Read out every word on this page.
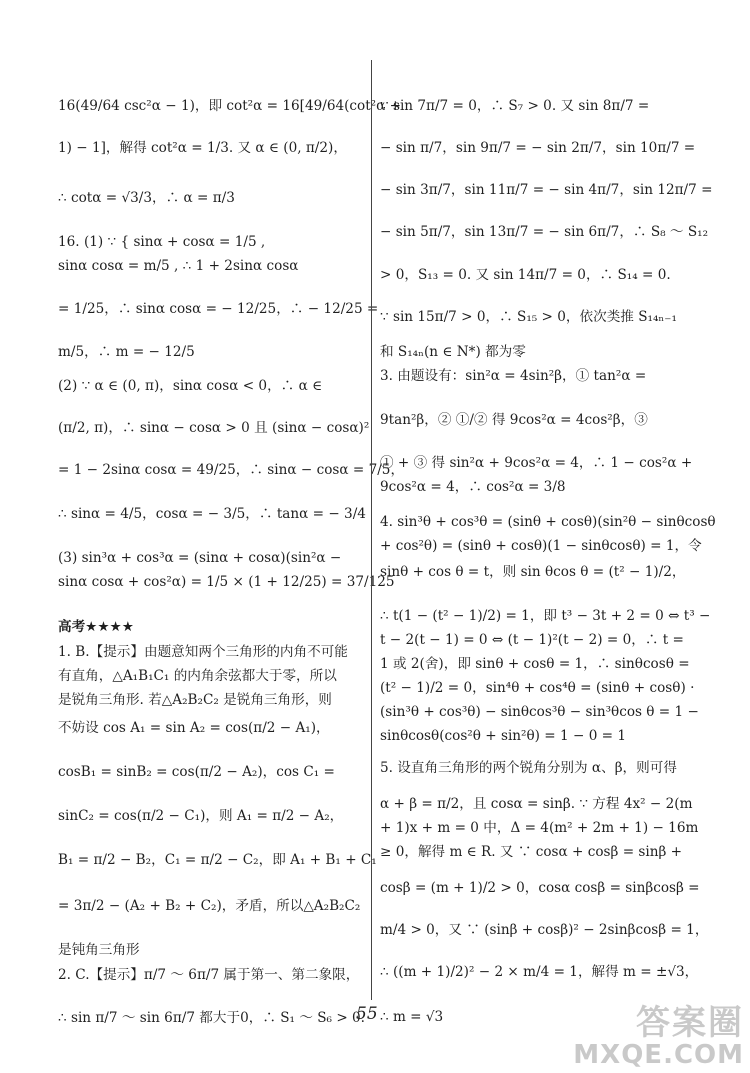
16(49/64 csc²α − 1)，即 cot²α = 16[49/64(cot²α +
1) − 1]，解得 cot²α = 1/3. 又 α ∈ (0, π/2)，
∴ cotα = √3/3，∴ α = π/3
16. (1) ∵ { sinα + cosα = 1/5 ,
sinα cosα = m/5 , ∴ 1 + 2sinα cosα
= 1/25，∴ sinα cosα = − 12/25，∴ − 12/25 =
m/5，∴ m = − 12/5
(2) ∵ α ∈ (0, π)，sinα cosα < 0，∴ α ∈
(π/2, π)，∴ sinα − cosα > 0 且 (sinα − cosα)²
= 1 − 2sinα cosα = 49/25，∴ sinα − cosα = 7/5，
∴ sinα = 4/5，cosα = − 3/5，∴ tanα = − 3/4
(3) sin³α + cos³α = (sinα + cosα)(sin²α −
sinα cosα + cos²α) = 1/5 × (1 + 12/25) = 37/125
高考★★★★
1. B.【提示】由题意知两个三角形的内角不可能
有直角，△A₁B₁C₁ 的内角余弦都大于零，所以
是锐角三角形. 若△A₂B₂C₂ 是锐角三角形，则
不妨设 cos A₁ = sin A₂ = cos(π/2 − A₁)，
cosB₁ = sinB₂ = cos(π/2 − A₂)，cos C₁ =
sinC₂ = cos(π/2 − C₁)，则 A₁ = π/2 − A₂，
B₁ = π/2 − B₂，C₁ = π/2 − C₂，即 A₁ + B₁ + C₁
= 3π/2 − (A₂ + B₂ + C₂)，矛盾，所以△A₂B₂C₂
是钝角三角形
2. C.【提示】π/7 ～ 6π/7 属于第一、第二象限，
∴ sin π/7 ～ sin 6π/7 都大于0，∴ S₁ ～ S₆ > 0.
∵ sin 7π/7 = 0，∴ S₇ > 0. 又 sin 8π/7 =
− sin π/7，sin 9π/7 = − sin 2π/7，sin 10π/7 =
− sin 3π/7，sin 11π/7 = − sin 4π/7，sin 12π/7 =
− sin 5π/7，sin 13π/7 = − sin 6π/7，∴ S₈ ～ S₁₂
> 0，S₁₃ = 0. 又 sin 14π/7 = 0，∴ S₁₄ = 0.
∵ sin 15π/7 > 0，∴ S₁₅ > 0，依次类推 S₁₄ₙ₋₁
和 S₁₄ₙ(n ∈ N*) 都为零
3. 由题设有：sin²α = 4sin²β，① tan²α =
9tan²β，② ①/② 得 9cos²α = 4cos²β，③
① + ③ 得 sin²α + 9cos²α = 4，∴ 1 − cos²α +
9cos²α = 4，∴ cos²α = 3/8
4. sin³θ + cos³θ = (sinθ + cosθ)(sin²θ − sinθcosθ
+ cos²θ) = (sinθ + cosθ)(1 − sinθcosθ) = 1，令
sinθ + cos θ = t，则 sin θcos θ = (t² − 1)/2，
∴ t(1 − (t² − 1)/2) = 1，即 t³ − 3t + 2 = 0 ⇔ t³ −
t − 2(t − 1) = 0 ⇔ (t − 1)²(t − 2) = 0，∴ t =
1 或 2(舍)，即 sinθ + cosθ = 1，∴ sinθcosθ =
(t² − 1)/2 = 0，sin⁴θ + cos⁴θ = (sinθ + cosθ) ·
(sin³θ + cos³θ) − sinθcos³θ − sin³θcos θ = 1 −
sinθcosθ(cos²θ + sin²θ) = 1 − 0 = 1
5. 设直角三角形的两个锐角分别为 α、β，则可得
α + β = π/2，且 cosα = sinβ. ∵ 方程 4x² − 2(m
+ 1)x + m = 0 中，Δ = 4(m² + 2m + 1) − 16m
≥ 0，解得 m ∈ R. 又 ∵ cosα + cosβ = sinβ +
cosβ = (m + 1)/2 > 0，cosα cosβ = sinβcosβ =
m/4 > 0，又 ∵ (sinβ + cosβ)² − 2sinβcosβ = 1，
∴ ((m + 1)/2)² − 2 × m/4 = 1，解得 m = ±√3，
∴ m = √3
55	答案圈
MXQE.COM
